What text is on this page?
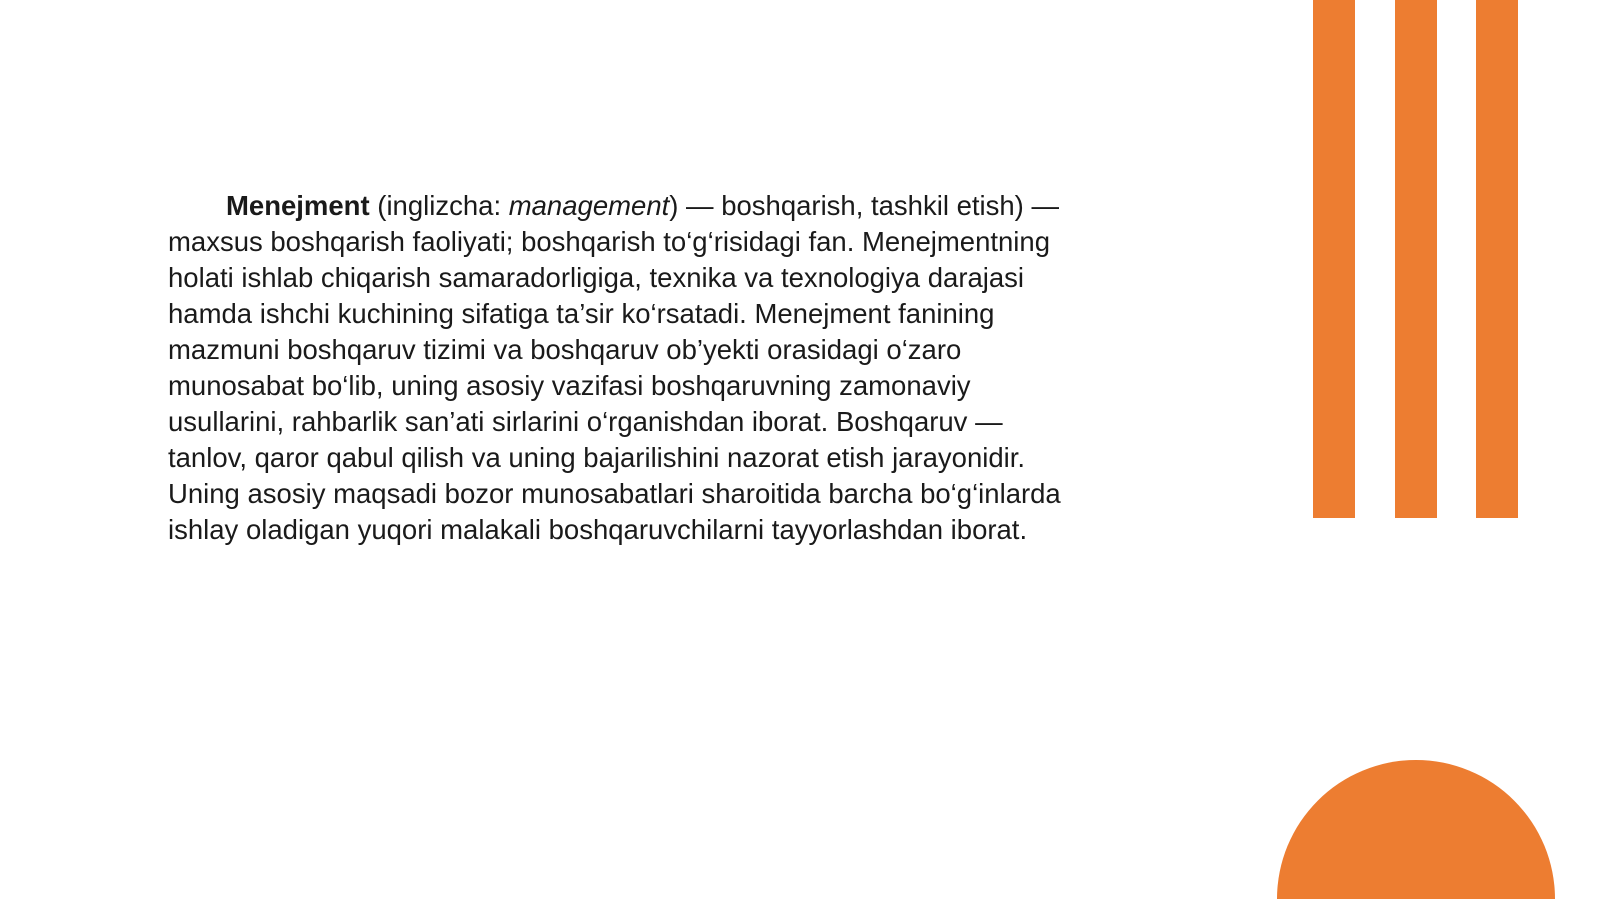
Menejment (inglizcha: management) — boshqarish, tashkil etish) — maxsus boshqarish faoliyati; boshqarish to‘g‘risidagi fan. Menejmentning holati ishlab chiqarish samaradorligiga, texnika va texnologiya darajasi hamda ishchi kuchining sifatiga ta’sir ko‘rsatadi. Menejment fanining mazmuni boshqaruv tizimi va boshqaruv ob’yekti orasidagi o‘zaro munosabat bo‘lib, uning asosiy vazifasi boshqaruvning zamonaviy usullarini, rahbarlik san’ati sirlarini o‘rganishdan iborat. Boshqaruv — tanlov, qaror qabul qilish va uning bajarilishini nazorat etish jarayonidir. Uning asosiy maqsadi bozor munosabatlari sharoitida barcha bo‘g‘inlarda ishlay oladigan yuqori malakali boshqaruvchilarni tayyorlashdan iborat.
